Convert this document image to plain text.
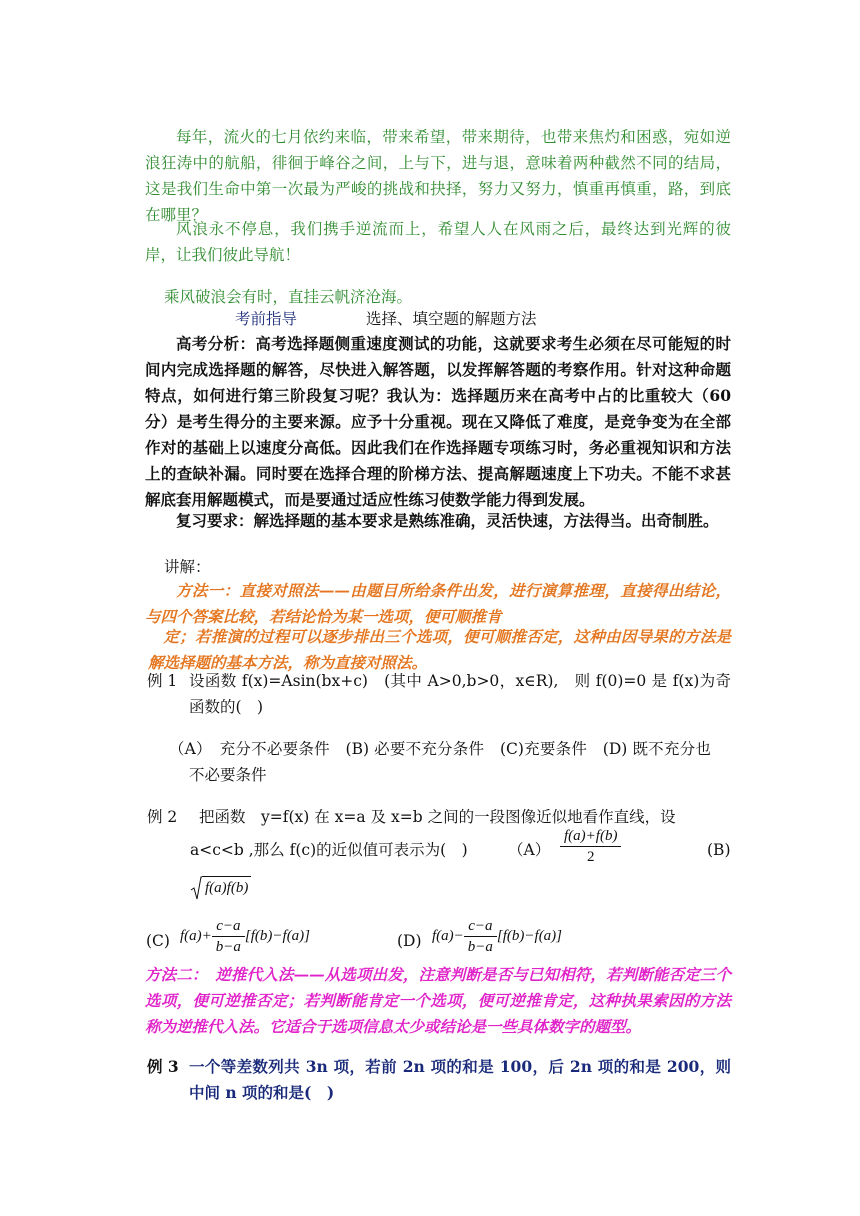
每年，流火的七月依约来临，带来希望，带来期待，也带来焦灼和困惑，宛如逆浪狂涛中的航船，徘徊于峰谷之间，上与下，进与退，意味着两种截然不同的结局，这是我们生命中第一次最为严峻的挑战和抉择，努力又努力，慎重再慎重，路，到底在哪里？
风浪永不停息，我们携手逆流而上，希望人人在风雨之后，最终达到光辉的彼岸，让我们彼此导航！
乘风破浪会有时，直挂云帆济沧海。
考前指导	选择、填空题的解题方法
高考分析：高考选择题侧重速度测试的功能，这就要求考生必须在尽可能短的时间内完成选择题的解答，尽快进入解答题，以发挥解答题的考察作用。针对这种命题特点，如何进行第三阶段复习呢？我认为：选择题历来在高考中占的比重较大（60 分）是考生得分的主要来源。应予十分重视。现在又降低了难度，是竞争变为在全部作对的基础上以速度分高低。因此我们在作选择题专项练习时，务必重视知识和方法上的查缺补漏。同时要在选择合理的阶梯方法、提高解题速度上下功夫。不能不求甚解底套用解题模式，而是要通过适应性练习使数学能力得到发展。
复习要求：解选择题的基本要求是熟练准确，灵活快速，方法得当。出奇制胜。
讲解：
方法一：直接对照法——由题目所给条件出发，进行演算推理，直接得出结论，与四个答案比较，若结论恰为某一选项，便可顺推肯
定；若推演的过程可以逐步排出三个选项，便可顺推否定，这种由因导果的方法是解选择题的基本方法，称为直接对照法。
例 1 设函数 f(x)=Asin(bx+c)　(其中 A>0,b>0，x∈R),　则 f(0)=0 是 f(x)为奇函数的(　)
（A）　充分不必要条件　(B) 必要不充分条件　(C)充要条件　(D) 既不充分也不必要条件
例 2 把函数　y=f(x) 在 x=a 及 x=b 之间的一段图像近似地看作直线，设
a<c<b ,那么 f(c)的近似值可表示为(　)	$(A) \frac{f(a)+f(b)}{2}$	(B)
f(a)f(b)
(C) $f(a)+ \frac{c-a}{b-a} [f(b)-f(a)]$	(D) $f(a)- \frac{c-a}{b-a} [f(b)-f(a)]$
方法二：　逆推代入法——从选项出发，注意判断是否与已知相符，若判断能否定三个选项，便可逆推否定；若判断能肯定一个选项，便可逆推肯定，这种执果索因的方法称为逆推代入法。它适合于选项信息太少或结论是一些具体数字的题型。
例 3 一个等差数列共 3n 项，若前 2n 项的和是 100，后 2n 项的和是 200，则中间 n 项的和是(　)
